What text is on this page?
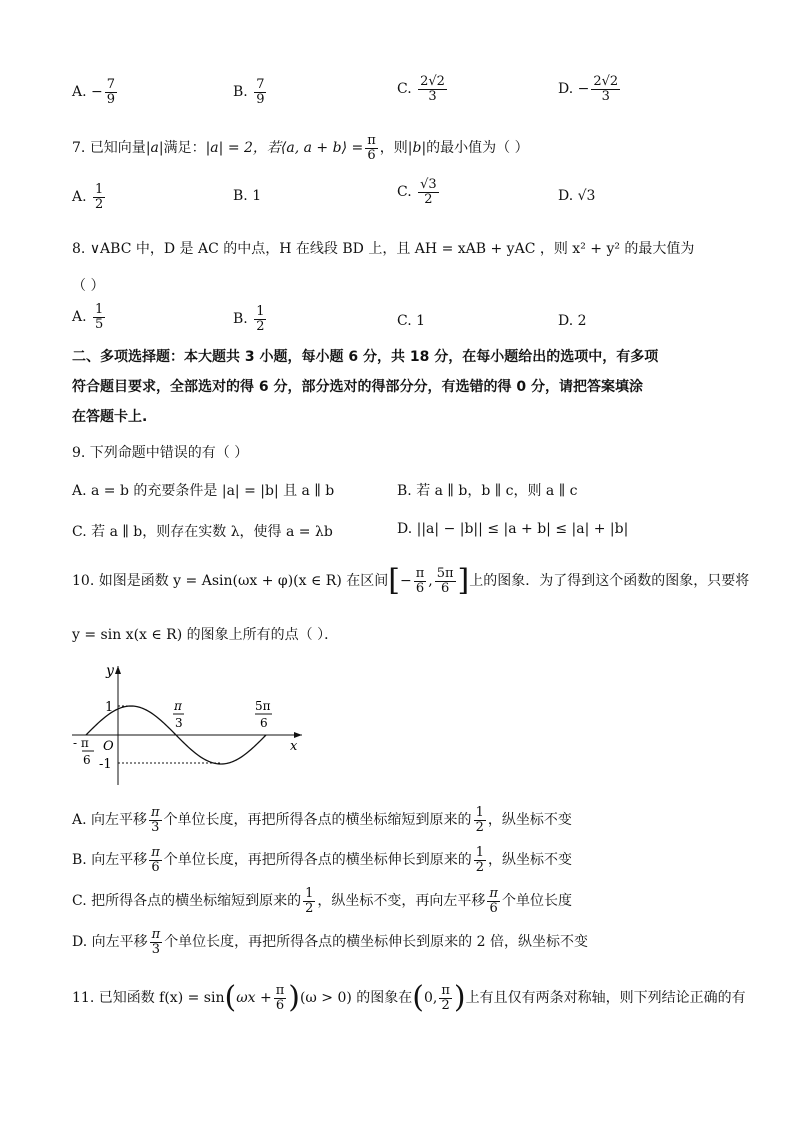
A. − $\frac{7}{9}$	B. $\frac{7}{9}$	C. $\frac{2√2}{3}$	D. − $\frac{2√2}{3}$
7. 已知向量|a|满足：|a| = 2，若⟨a, a + b⟩ = $\frac{\pi}{6}$ ，则|b|的最小值为（ ）
A. $\frac{1}{2}$	B. 1	C. $\frac{√3}{2}$	D. √3
8. ∨ABC 中，D 是 AC 的中点，H 在线段 BD 上，且 AH = xAB + yAC ，则 x² + y² 的最大值为
（ ）
A. $\frac{1}{5}$	B. $\frac{1}{2}$	C. 1	D. 2
二、多项选择题：本大题共 3 小题，每小题 6 分，共 18 分，在每小题给出的选项中，有多项
符合题目要求，全部选对的得 6 分，部分选对的得部分分，有选错的得 0 分，请把答案填涂
在答题卡上.
9. 下列命题中错误的有（ ）
A. a = b 的充要条件是 |a| = |b| 且 a ∥ b	B. 若 a ∥ b，b ∥ c，则 a ∥ c
C. 若 a ∥ b，则存在实数 λ，使得 a = λb	D. ||a| − |b|| ≤ |a + b| ≤ |a| + |b|
10. 如图是函数 y = Asin(ωx + φ)(x ∈ R) 在区间[− $\frac{\pi}{6}$ , $\frac{5\pi}{6}$ ]上的图象．为了得到这个函数的图象，只要将
y = sin x(x ∈ R) 的图象上所有的点（ ）．
y
x
O
1
-1
- π
6
π
3
5π
6
A. 向左平移 $\frac{\pi}{3}$ 个单位长度，再把所得各点的横坐标缩短到原来的 $\frac{1}{2}$ ，纵坐标不变
B. 向左平移 $\frac{\pi}{6}$ 个单位长度，再把所得各点的横坐标伸长到原来的 $\frac{1}{2}$ ，纵坐标不变
C. 把所得各点的横坐标缩短到原来的 $\frac{1}{2}$ ，纵坐标不变，再向左平移 $\frac{\pi}{6}$ 个单位长度
D. 向左平移 $\frac{\pi}{3}$ 个单位长度，再把所得各点的横坐标伸长到原来的 2 倍，纵坐标不变
11. 已知函数 $f(x) = \sin(\omega x + \frac{\pi}{6} )(\omega > 0)$ 的图象在(0, $\frac{\pi}{2}$ )上有且仅有两条对称轴，则下列结论正确的有
